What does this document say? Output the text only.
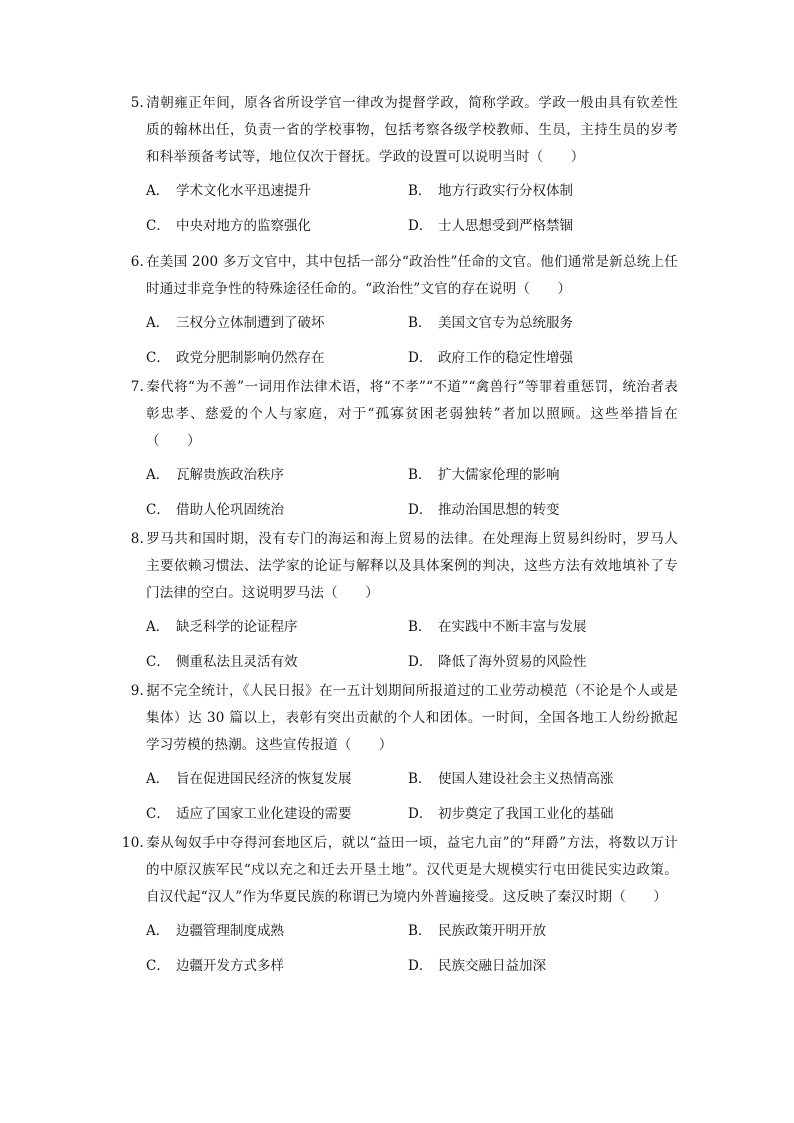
5. 清朝雍正年间，原各省所设学官一律改为提督学政，简称学政。学政一般由具有钦差性质的翰林出任，负责一省的学校事物，包括考察各级学校教师、生员，主持生员的岁考和科举预备考试等，地位仅次于督抚。学政的设置可以说明当时（　　）
A． 学术文化水平迅速提升	B． 地方行政实行分权体制
C． 中央对地方的监察强化	D． 士人思想受到严格禁锢
6. 在美国 200 多万文官中，其中包括一部分“政治性”任命的文官。他们通常是新总统上任时通过非竞争性的特殊途径任命的。“政治性”文官的存在说明（　　）
A． 三权分立体制遭到了破坏	B． 美国文官专为总统服务
C． 政党分肥制影响仍然存在	D． 政府工作的稳定性增强
7. 秦代将“为不善”一词用作法律术语，将“不孝”“不道”“禽兽行”等罪着重惩罚，统治者表彰忠孝、慈爱的个人与家庭，对于“孤寡贫困老弱独转”者加以照顾。这些举措旨在（　　）
A． 瓦解贵族政治秩序	B． 扩大儒家伦理的影响
C． 借助人伦巩固统治	D． 推动治国思想的转变
8. 罗马共和国时期，没有专门的海运和海上贸易的法律。在处理海上贸易纠纷时，罗马人主要依赖习惯法、法学家的论证与解释以及具体案例的判决，这些方法有效地填补了专门法律的空白。这说明罗马法（　　）
A． 缺乏科学的论证程序	B． 在实践中不断丰富与发展
C． 侧重私法且灵活有效	D． 降低了海外贸易的风险性
9. 据不完全统计，《人民日报》在一五计划期间所报道过的工业劳动模范（不论是个人或是集体）达 30 篇以上，表彰有突出贡献的个人和团体。一时间，全国各地工人纷纷掀起学习劳模的热潮。这些宣传报道（　　）
A． 旨在促进国民经济的恢复发展	B． 使国人建设社会主义热情高涨
C． 适应了国家工业化建设的需要	D． 初步奠定了我国工业化的基础
10. 秦从匈奴手中夺得河套地区后，就以“益田一顷，益宅九亩”的“拜爵”方法，将数以万计的中原汉族军民“戍以充之和迁去开垦土地”。汉代更是大规模实行屯田徙民实边政策。自汉代起“汉人”作为华夏民族的称谓已为境内外普遍接受。这反映了秦汉时期（　　）
A． 边疆管理制度成熟	B． 民族政策开明开放
C． 边疆开发方式多样	D． 民族交融日益加深
